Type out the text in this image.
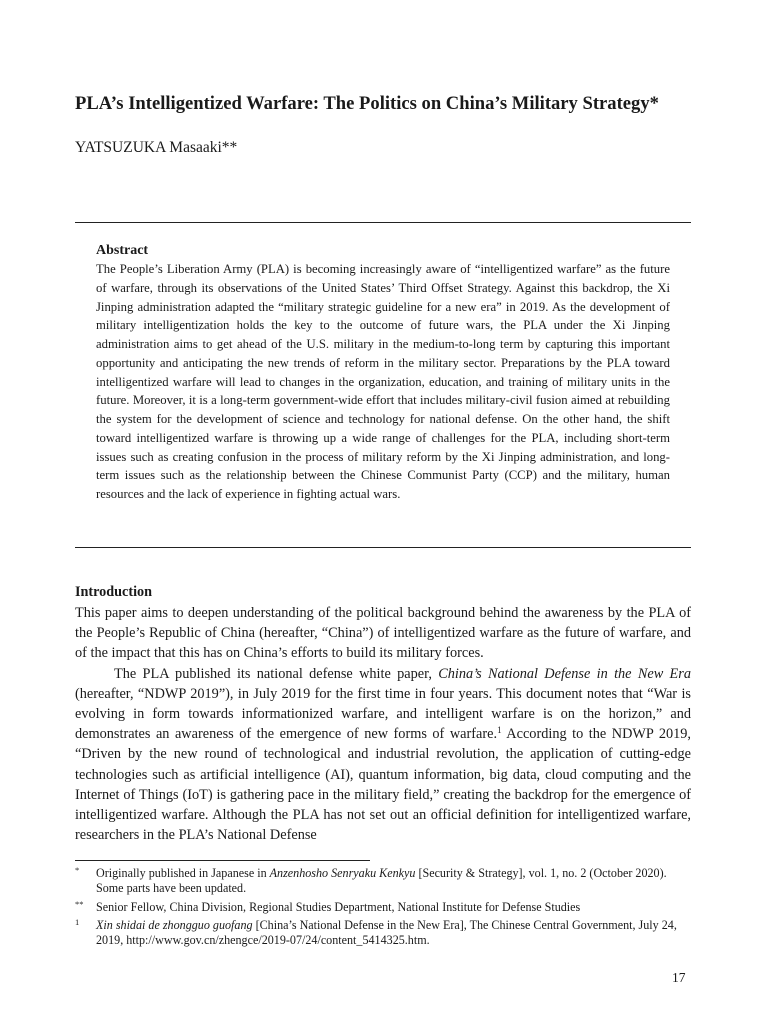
PLA’s Intelligentized Warfare: The Politics on China’s Military Strategy*
YATSUZUKA Masaaki**
Abstract
The People’s Liberation Army (PLA) is becoming increasingly aware of “intelligentized warfare” as the future of warfare, through its observations of the United States’ Third Offset Strategy. Against this backdrop, the Xi Jinping administration adapted the “military strategic guideline for a new era” in 2019. As the development of military intelligentization holds the key to the outcome of future wars, the PLA under the Xi Jinping administration aims to get ahead of the U.S. military in the medium-to-long term by capturing this important opportunity and anticipating the new trends of reform in the military sector. Preparations by the PLA toward intelligentized warfare will lead to changes in the organization, education, and training of military units in the future. Moreover, it is a long-term government-wide effort that includes military-civil fusion aimed at rebuilding the system for the development of science and technology for national defense. On the other hand, the shift toward intelligentized warfare is throwing up a wide range of challenges for the PLA, including short-term issues such as creating confusion in the process of military reform by the Xi Jinping administration, and long-term issues such as the relationship between the Chinese Communist Party (CCP) and the military, human resources and the lack of experience in fighting actual wars.
Introduction

This paper aims to deepen understanding of the political background behind the awareness by the PLA of the People’s Republic of China (hereafter, “China”) of intelligentized warfare as the future of warfare, and of the impact that this has on China’s efforts to build its military forces.

The PLA published its national defense white paper, China’s National Defense in the New Era (hereafter, “NDWP 2019”), in July 2019 for the first time in four years. This document notes that “War is evolving in form towards informationized warfare, and intelligent warfare is on the horizon,” and demonstrates an awareness of the emergence of new forms of warfare.$^1$ According to the NDWP 2019, “Driven by the new round of technological and industrial revolution, the application of cutting-edge technologies such as artificial intelligence (AI), quantum information, big data, cloud computing and the Internet of Things (IoT) is gathering pace in the military field,” creating the backdrop for the emergence of intelligentized warfare. Although the PLA has not set out an official definition for intelligentized warfare, researchers in the PLA’s National Defense

* Originally published in Japanese in Anzenhosho Senryaku Kenkyu [Security & Strategy], vol. 1, no. 2 (October 2020). Some parts have been updated.
** Senior Fellow, China Division, Regional Studies Department, National Institute for Defense Studies
1 Xin shidai de zhongguo guofang [China’s National Defense in the New Era], The Chinese Central Government, July 24, 2019, http://www.gov.cn/zhengce/2019-07/24/content_5414325.htm.
17
